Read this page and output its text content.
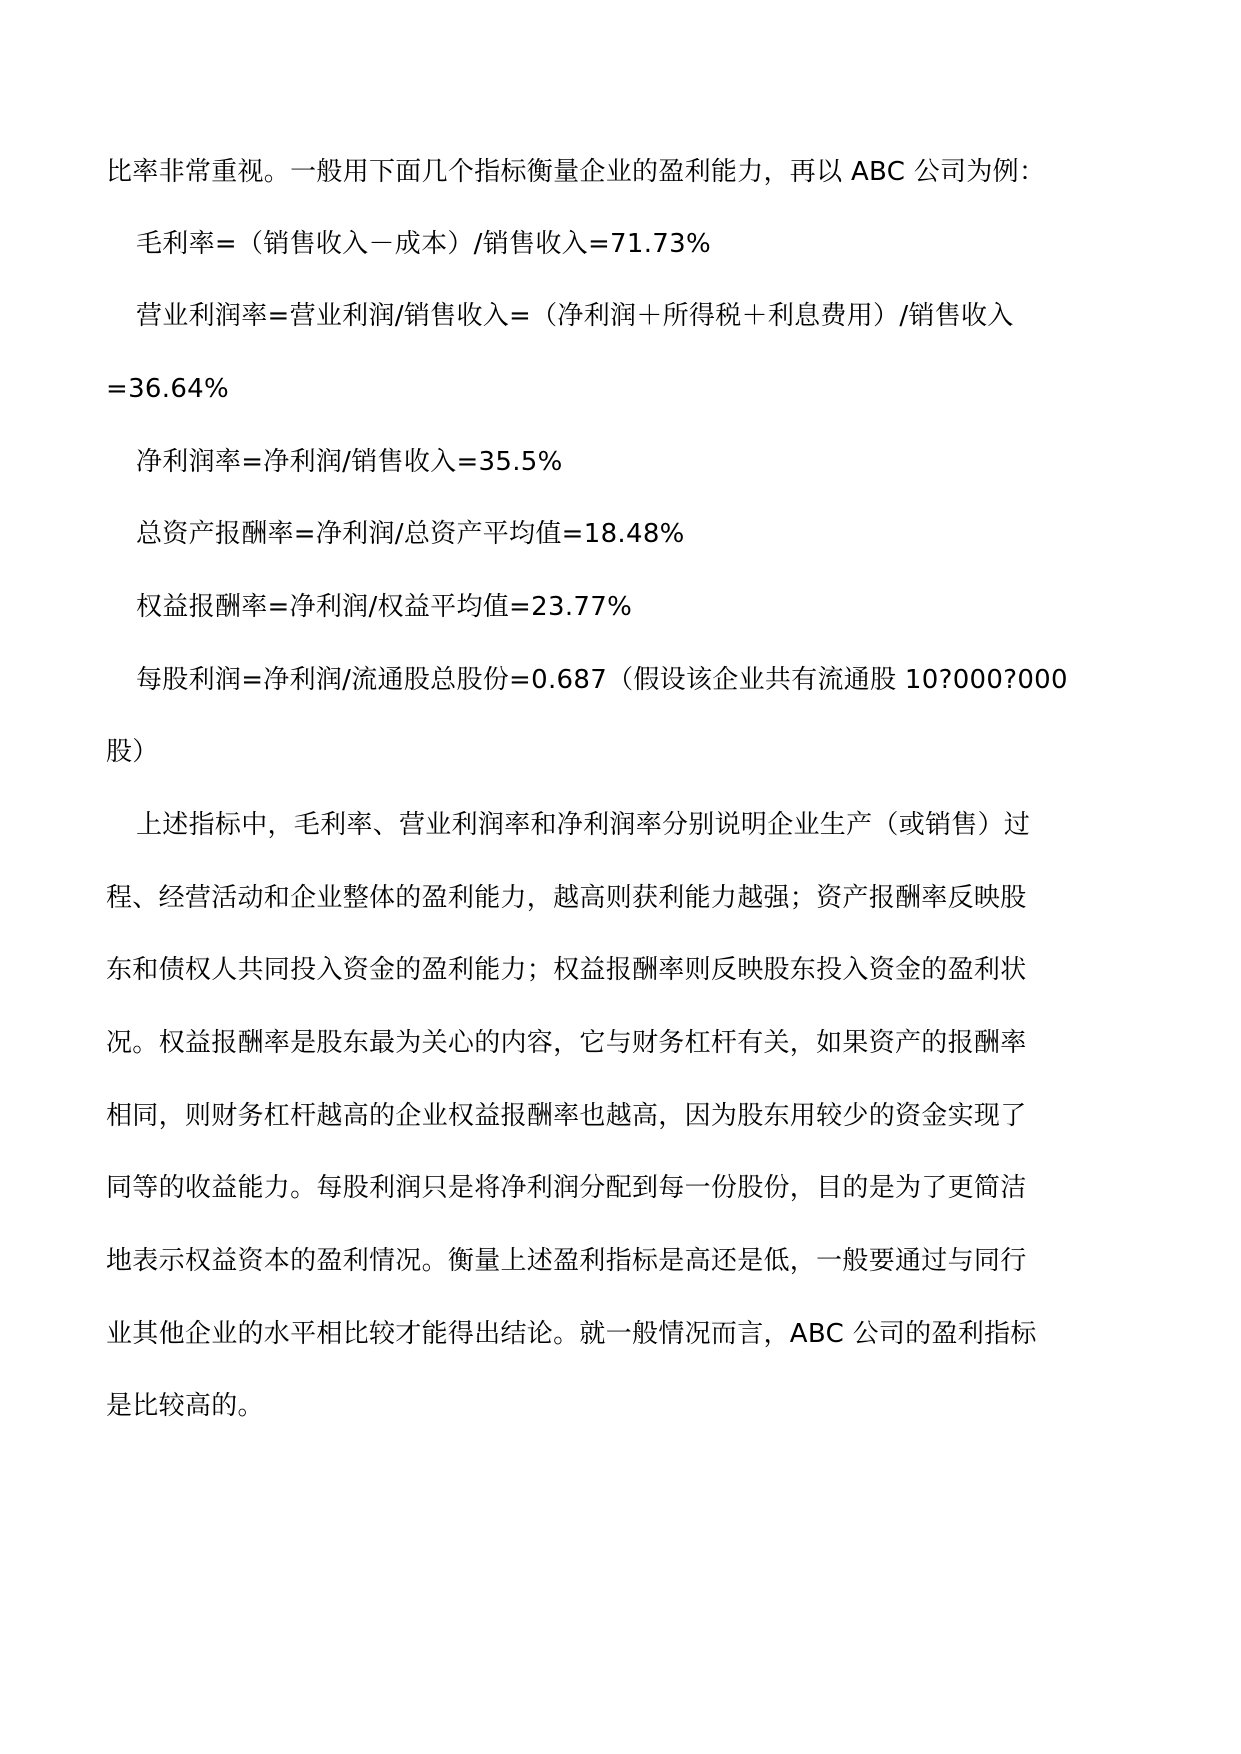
比率非常重视。一般用下面几个指标衡量企业的盈利能力，再以 ABC 公司为例：
毛利率=（销售收入－成本）/销售收入=71.73%
营业利润率=营业利润/销售收入=（净利润＋所得税＋利息费用）/销售收入
=36.64%
净利润率=净利润/销售收入=35.5%
总资产报酬率=净利润/总资产平均值=18.48%
权益报酬率=净利润/权益平均值=23.77%
每股利润=净利润/流通股总股份=0.687（假设该企业共有流通股 10?000?000
股）
上述指标中，毛利率、营业利润率和净利润率分别说明企业生产（或销售）过
程、经营活动和企业整体的盈利能力，越高则获利能力越强；资产报酬率反映股
东和债权人共同投入资金的盈利能力；权益报酬率则反映股东投入资金的盈利状
况。权益报酬率是股东最为关心的内容，它与财务杠杆有关，如果资产的报酬率
相同，则财务杠杆越高的企业权益报酬率也越高，因为股东用较少的资金实现了
同等的收益能力。每股利润只是将净利润分配到每一份股份，目的是为了更简洁
地表示权益资本的盈利情况。衡量上述盈利指标是高还是低，一般要通过与同行
业其他企业的水平相比较才能得出结论。就一般情况而言，ABC 公司的盈利指标
是比较高的。
